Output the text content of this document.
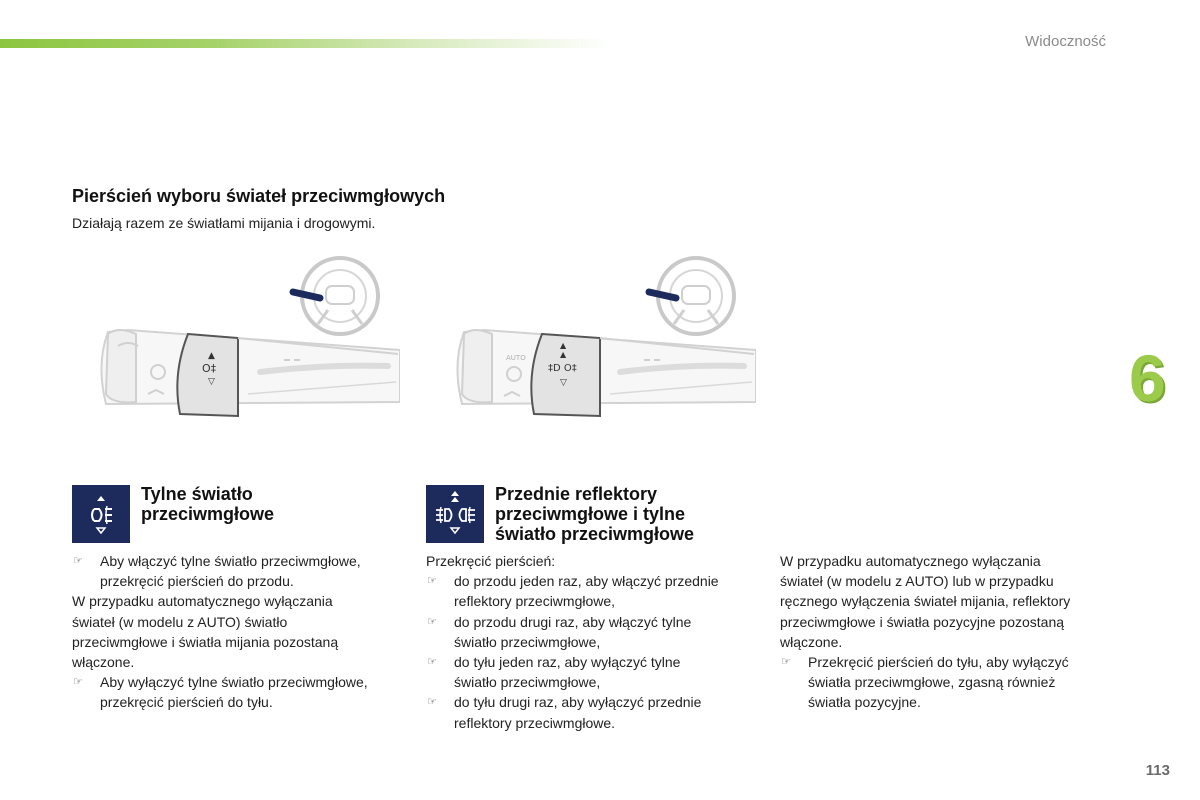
Widoczność
6
113
Pierścień wyboru świateł przeciwmgłowych
Działają razem ze światłami mijania i drogowymi.
▲
O‡
▽
AUTO
▲
▲
‡D O‡
▽
Tylne światło
przeciwmgłowe
☞ Aby włączyć tylne światło przeciwmgłowe,
przekręcić pierścień do przodu.

W przypadku automatycznego wyłączania

świateł (w modelu z AUTO) światło

przeciwmgłowe i światła mijania pozostaną

włączone.

☞ Aby wyłączyć tylne światło przeciwmgłowe,
przekręcić pierścień do tyłu.
Przednie reflektory
przeciwmgłowe i tylne
światło przeciwmgłowe

Przekręcić pierścień:

☞ do przodu jeden raz, aby włączyć przednie
reflektory przeciwmgłowe,
☞ do przodu drugi raz, aby włączyć tylne
światło przeciwmgłowe,
☞ do tyłu jeden raz, aby wyłączyć tylne
światło przeciwmgłowe,
☞ do tyłu drugi raz, aby wyłączyć przednie
reflektory przeciwmgłowe.

W przypadku automatycznego wyłączania

świateł (w modelu z AUTO) lub w przypadku

ręcznego wyłączenia świateł mijania, reflektory

przeciwmgłowe i światła pozycyjne pozostaną

włączone.

☞ Przekręcić pierścień do tyłu, aby wyłączyć
światła przeciwmgłowe, zgasną również
światła pozycyjne.
